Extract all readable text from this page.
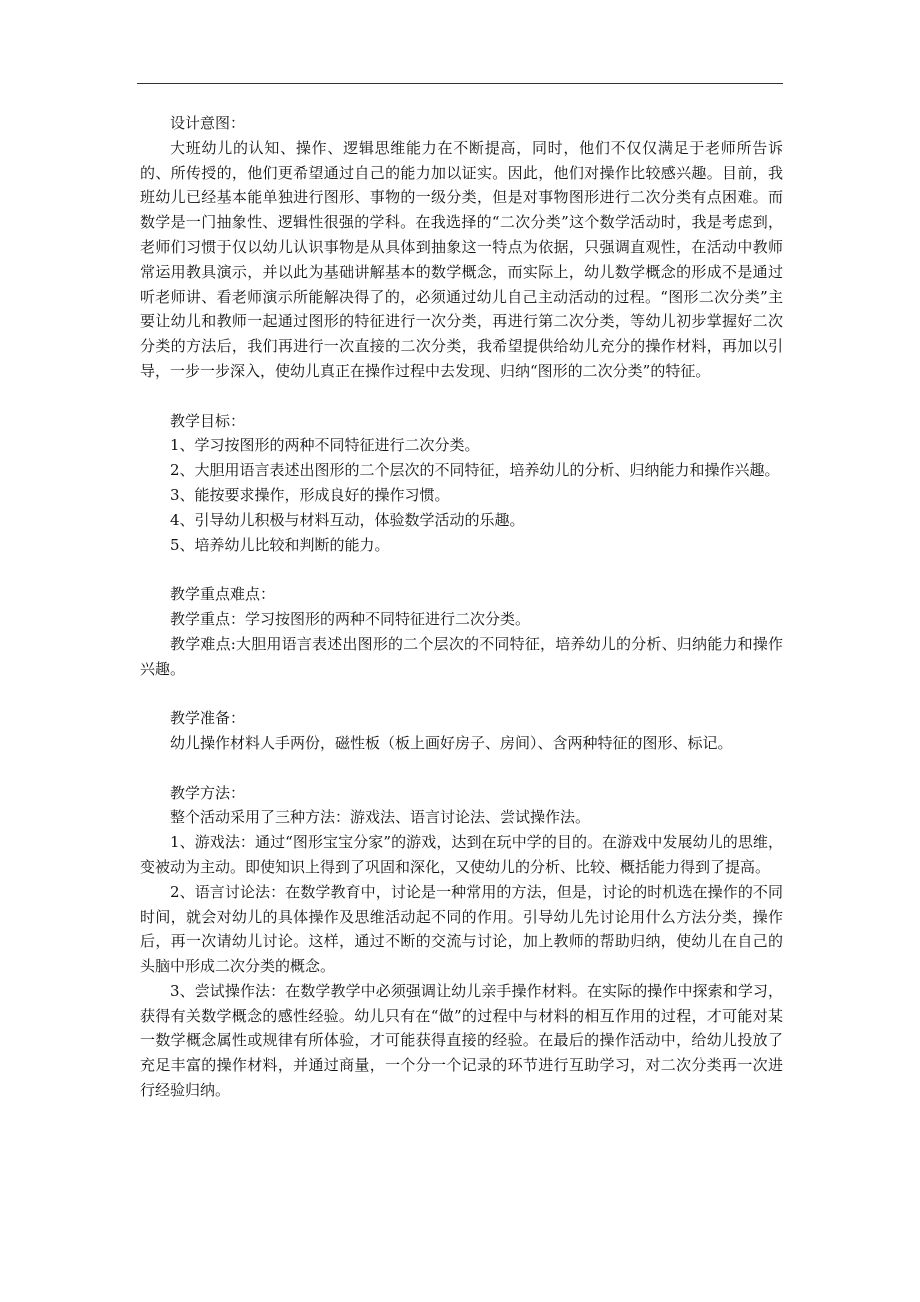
设计意图：

大班幼儿的认知、操作、逻辑思维能力在不断提高，同时，他们不仅仅满足于老师所告诉的、所传授的，他们更希望通过自己的能力加以证实。因此，他们对操作比较感兴趣。目前，我班幼儿已经基本能单独进行图形、事物的一级分类，但是对事物图形进行二次分类有点困难。而数学是一门抽象性、逻辑性很强的学科。在我选择的“二次分类”这个数学活动时，我是考虑到，老师们习惯于仅以幼儿认识事物是从具体到抽象这一特点为依据，只强调直观性，在活动中教师常运用教具演示，并以此为基础讲解基本的数学概念，而实际上，幼儿数学概念的形成不是通过听老师讲、看老师演示所能解决得了的，必须通过幼儿自己主动活动的过程。“图形二次分类”主要让幼儿和教师一起通过图形的特征进行一次分类，再进行第二次分类，等幼儿初步掌握好二次分类的方法后，我们再进行一次直接的二次分类，我希望提供给幼儿充分的操作材料，再加以引导，一步一步深入，使幼儿真正在操作过程中去发现、归纳“图形的二次分类”的特征。

教学目标：

1、学习按图形的两种不同特征进行二次分类。

2、大胆用语言表述出图形的二个层次的不同特征，培养幼儿的分析、归纳能力和操作兴趣。

3、能按要求操作，形成良好的操作习惯。

4、引导幼儿积极与材料互动，体验数学活动的乐趣。

5、培养幼儿比较和判断的能力。

教学重点难点：

教学重点：学习按图形的两种不同特征进行二次分类。

教学难点:大胆用语言表述出图形的二个层次的不同特征，培养幼儿的分析、归纳能力和操作兴趣。

教学准备：

幼儿操作材料人手两份，磁性板（板上画好房子、房间）、含两种特征的图形、标记。

教学方法：

整个活动采用了三种方法：游戏法、语言讨论法、尝试操作法。

1、游戏法：通过“图形宝宝分家”的游戏，达到在玩中学的目的。在游戏中发展幼儿的思维，变被动为主动。即使知识上得到了巩固和深化，又使幼儿的分析、比较、概括能力得到了提高。

2、语言讨论法：在数学教育中，讨论是一种常用的方法，但是，讨论的时机选在操作的不同时间，就会对幼儿的具体操作及思维活动起不同的作用。引导幼儿先讨论用什么方法分类，操作后，再一次请幼儿讨论。这样，通过不断的交流与讨论，加上教师的帮助归纳，使幼儿在自己的头脑中形成二次分类的概念。

3、尝试操作法：在数学教学中必须强调让幼儿亲手操作材料。在实际的操作中探索和学习，获得有关数学概念的感性经验。幼儿只有在“做”的过程中与材料的相互作用的过程，才可能对某一数学概念属性或规律有所体验，才可能获得直接的经验。在最后的操作活动中，给幼儿投放了充足丰富的操作材料，并通过商量，一个分一个记录的环节进行互助学习，对二次分类再一次进行经验归纳。
